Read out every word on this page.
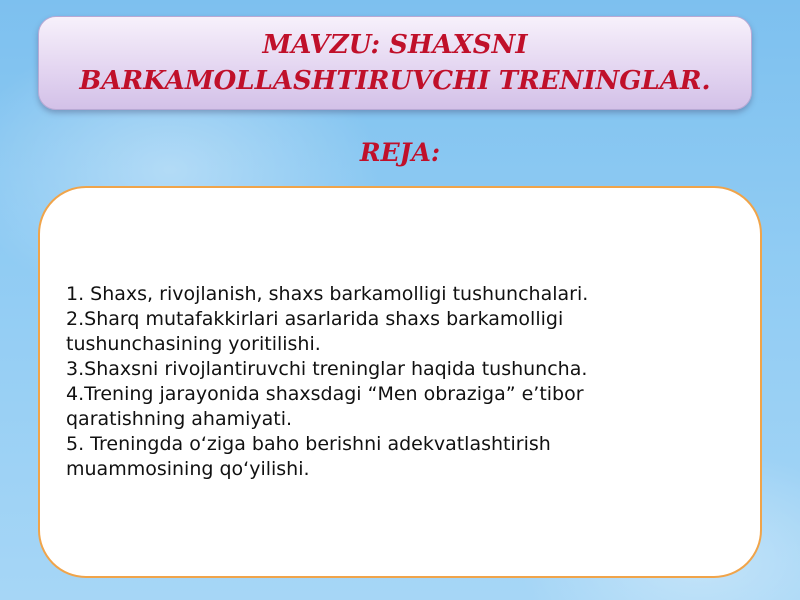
MAVZU: SHAXSNI BARKAMOLLASHTIRUVCHI TRENINGLAR.
REJA:
1. Shaxs, rivojlanish, shaxs barkamolligi tushunchalari.
2.Sharq mutafakkirlari asarlarida shaxs barkamolligi tushunchasining yoritilishi.
3.Shaxsni rivojlantiruvchi treninglar haqida tushuncha.
4.Trening jarayonida shaxsdagi “Men obraziga” e’tibor qaratishning ahamiyati.
5. Treningda o‘ziga baho berishni adekvatlashtirish muammosining qo‘yilishi.
